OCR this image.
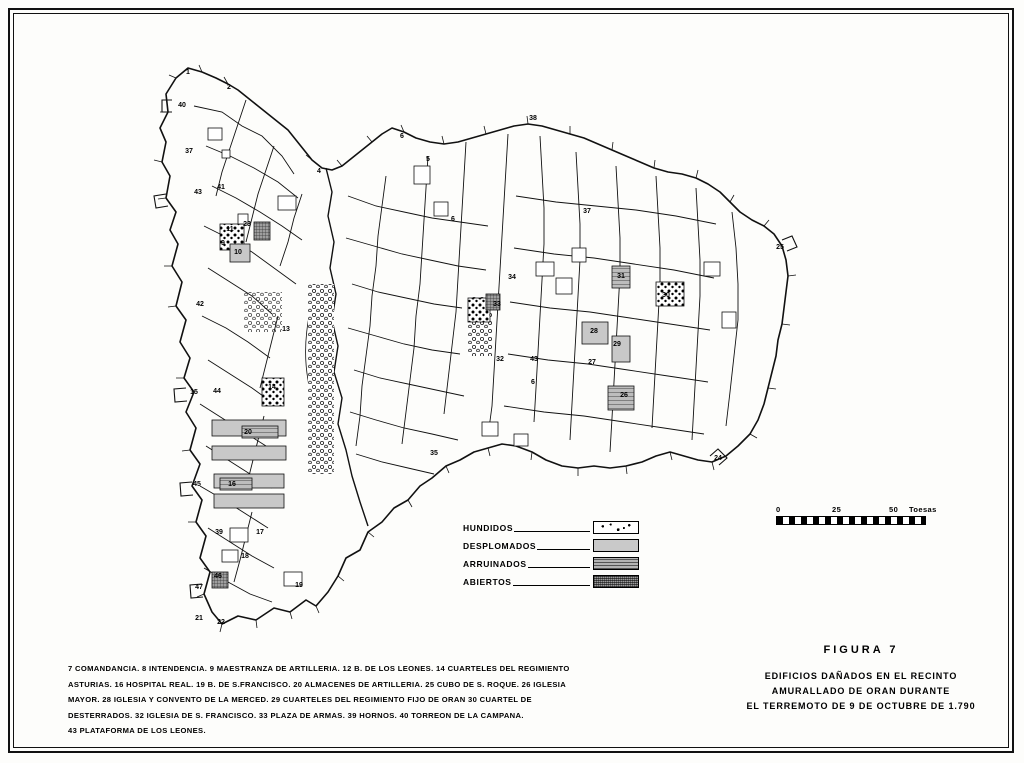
1
2
40
37
43
41
11
23
10
9
42
13
15 44
14
20
45	16
39	17
18
46
47	19
21
22
4
6
6
5
38
37
34
33
32	43
6
27
28
29
26
31
30
25
24
35
HUNDIDOS
DESPLOMADOS
ARRUINADOS
ABIERTOS
0	25	50 Toesas
7 COMANDANCIA. 8 INTENDENCIA. 9 MAESTRANZA DE ARTILLERIA. 12 B. DE LOS LEONES. 14 CUARTELES DEL REGIMIENTO
ASTURIAS. 16 HOSPITAL REAL. 19 B. DE S.FRANCISCO. 20 ALMACENES DE ARTILLERIA. 25 CUBO DE S. ROQUE. 26 IGLESIA
MAYOR. 28 IGLESIA Y CONVENTO DE LA MERCED. 29 CUARTELES DEL REGIMIENTO FIJO DE ORAN 30 CUARTEL DE
DESTERRADOS. 32 IGLESIA DE S. FRANCISCO. 33 PLAZA DE ARMAS. 39 HORNOS. 40 TORREON DE LA CAMPANA.
43 PLATAFORMA DE LOS LEONES.
FIGURA 7
EDIFICIOS DAÑADOS EN EL RECINTO
AMURALLADO DE ORAN DURANTE
EL TERREMOTO DE 9 DE OCTUBRE DE 1.790
